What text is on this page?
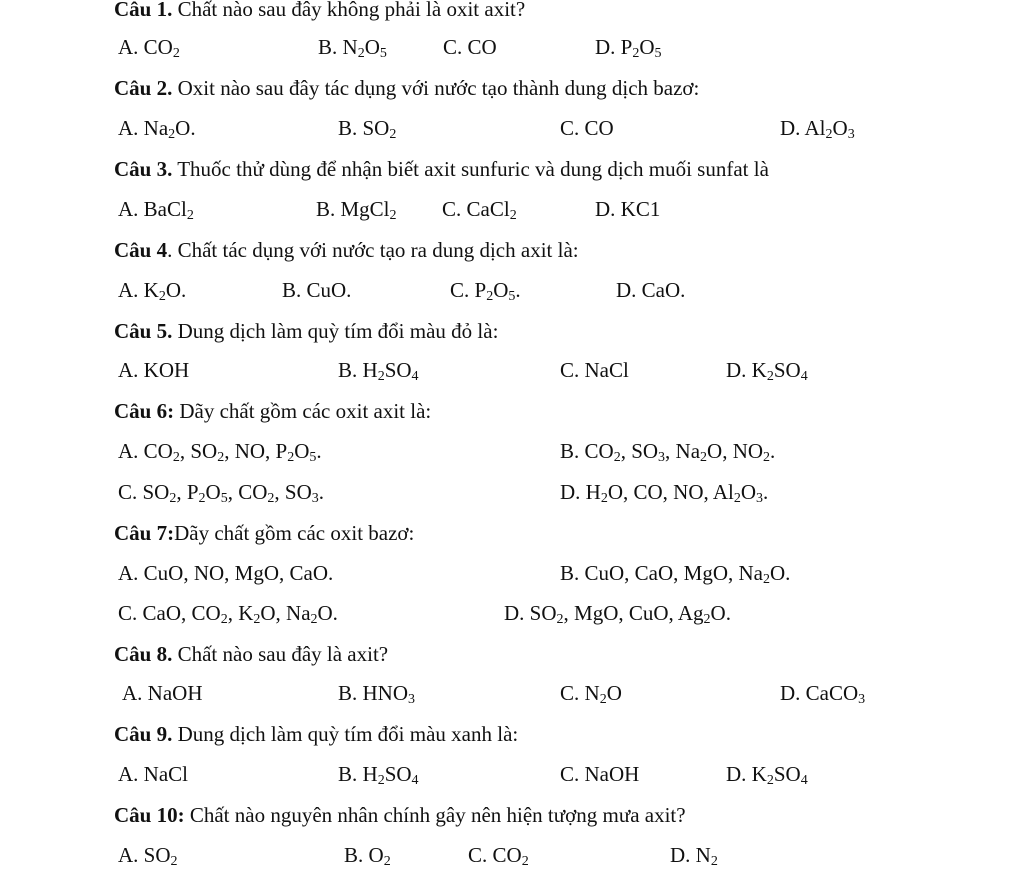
Câu 1. Chất nào sau đây không phải là oxit axit?
A. $CO_2$	B. $N_2O_5$	C. CO	D. $P_2O_5$
Câu 2. Oxit nào sau đây tác dụng với nước tạo thành dung dịch bazơ:
A. $Na_2O$.	B. $SO_2$	C. CO	D. $Al_2O_3$
Câu 3. Thuốc thử dùng để nhận biết axit sunfuric và dung dịch muối sunfat là
A. BaCl$_2$	B. MgCl$_2$ C. CaCl$_2$	D. KC1
Câu 4. Chất tác dụng với nước tạo ra dung dịch axit là:
A. $K_2O$.	B. CuO.	C. $P_2O_5$.	D. CaO.
Câu 5. Dung dịch làm quỳ tím đổi màu đỏ là:
A. KOH	B. $H_2SO_4$	C. NaCl	D. $K_2SO_4$
Câu 6: Dãy chất gồm các oxit axit là:
A. $CO_2$, $SO_2$, NO, $P_2O_5$.	B. $CO_2$, $SO_3$, $Na_2O$, $NO_2$.
C. $SO_2$, $P_2O_5$, $CO_2$, $SO_3$.	D. $H_2O$, CO, NO, $Al_2O_3$.
Câu 7:Dãy chất gồm các oxit bazơ:
A. CuO, NO, MgO, CaO.	B. CuO, CaO, MgO, $Na_2O$.
C. CaO, $CO_2$, $K_2O$, $Na_2O$.	D. $SO_2$, MgO, CuO, $Ag_2O$.
Câu 8. Chất nào sau đây là axit?
A. NaOH	B. $HNO_3$	C. $N_2O$	D. CaCO$_3$
Câu 9. Dung dịch làm quỳ tím đổi màu xanh là:
A. NaCl	B. $H_2SO_4$	C. NaOH	D. $K_2SO_4$
Câu 10: Chất nào nguyên nhân chính gây nên hiện tượng mưa axit?
A. $SO_2$	B. $O_2$	C. $CO_2$	D. $N_2$
